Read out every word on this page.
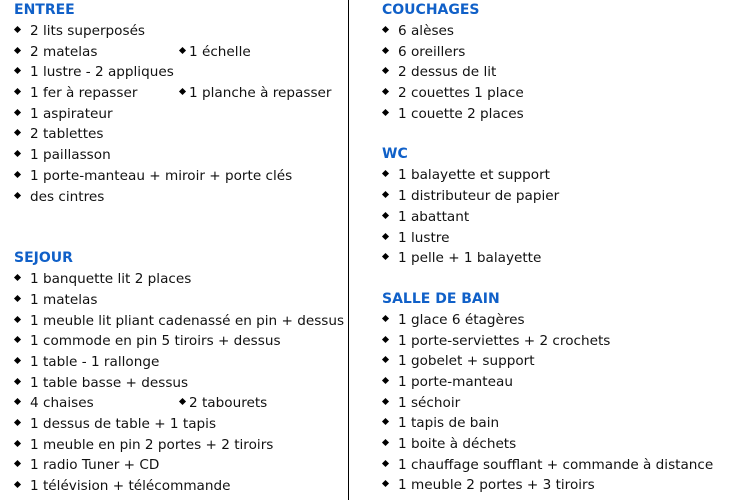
ENTREE
2 lits superposés
2 matelas	1 échelle
1 lustre - 2 appliques
1 fer à repasser	1 planche à repasser
1 aspirateur
2 tablettes
1 paillasson
1 porte-manteau + miroir + porte clés
des cintres
SEJOUR
1 banquette lit 2 places
1 matelas
1 meuble lit pliant cadenassé en pin + dessus
1 commode en pin 5 tiroirs + dessus
1 table - 1 rallonge
1 table basse + dessus
4 chaises	2 tabourets
1 dessus de table + 1 tapis
1 meuble en pin 2 portes + 2 tiroirs
1 radio Tuner + CD
1 télévision + télécommande
COUCHAGES
6 alèses
6 oreillers
2 dessus de lit
2 couettes 1 place
1 couette 2 places
WC
1 balayette et support
1 distributeur de papier
1 abattant
1 lustre
1 pelle + 1 balayette
SALLE DE BAIN
1 glace 6 étagères
1 porte-serviettes + 2 crochets
1 gobelet + support
1 porte-manteau
1 séchoir
1 tapis de bain
1 boite à déchets
1 chauffage soufflant + commande à distance
1 meuble 2 portes + 3 tiroirs
